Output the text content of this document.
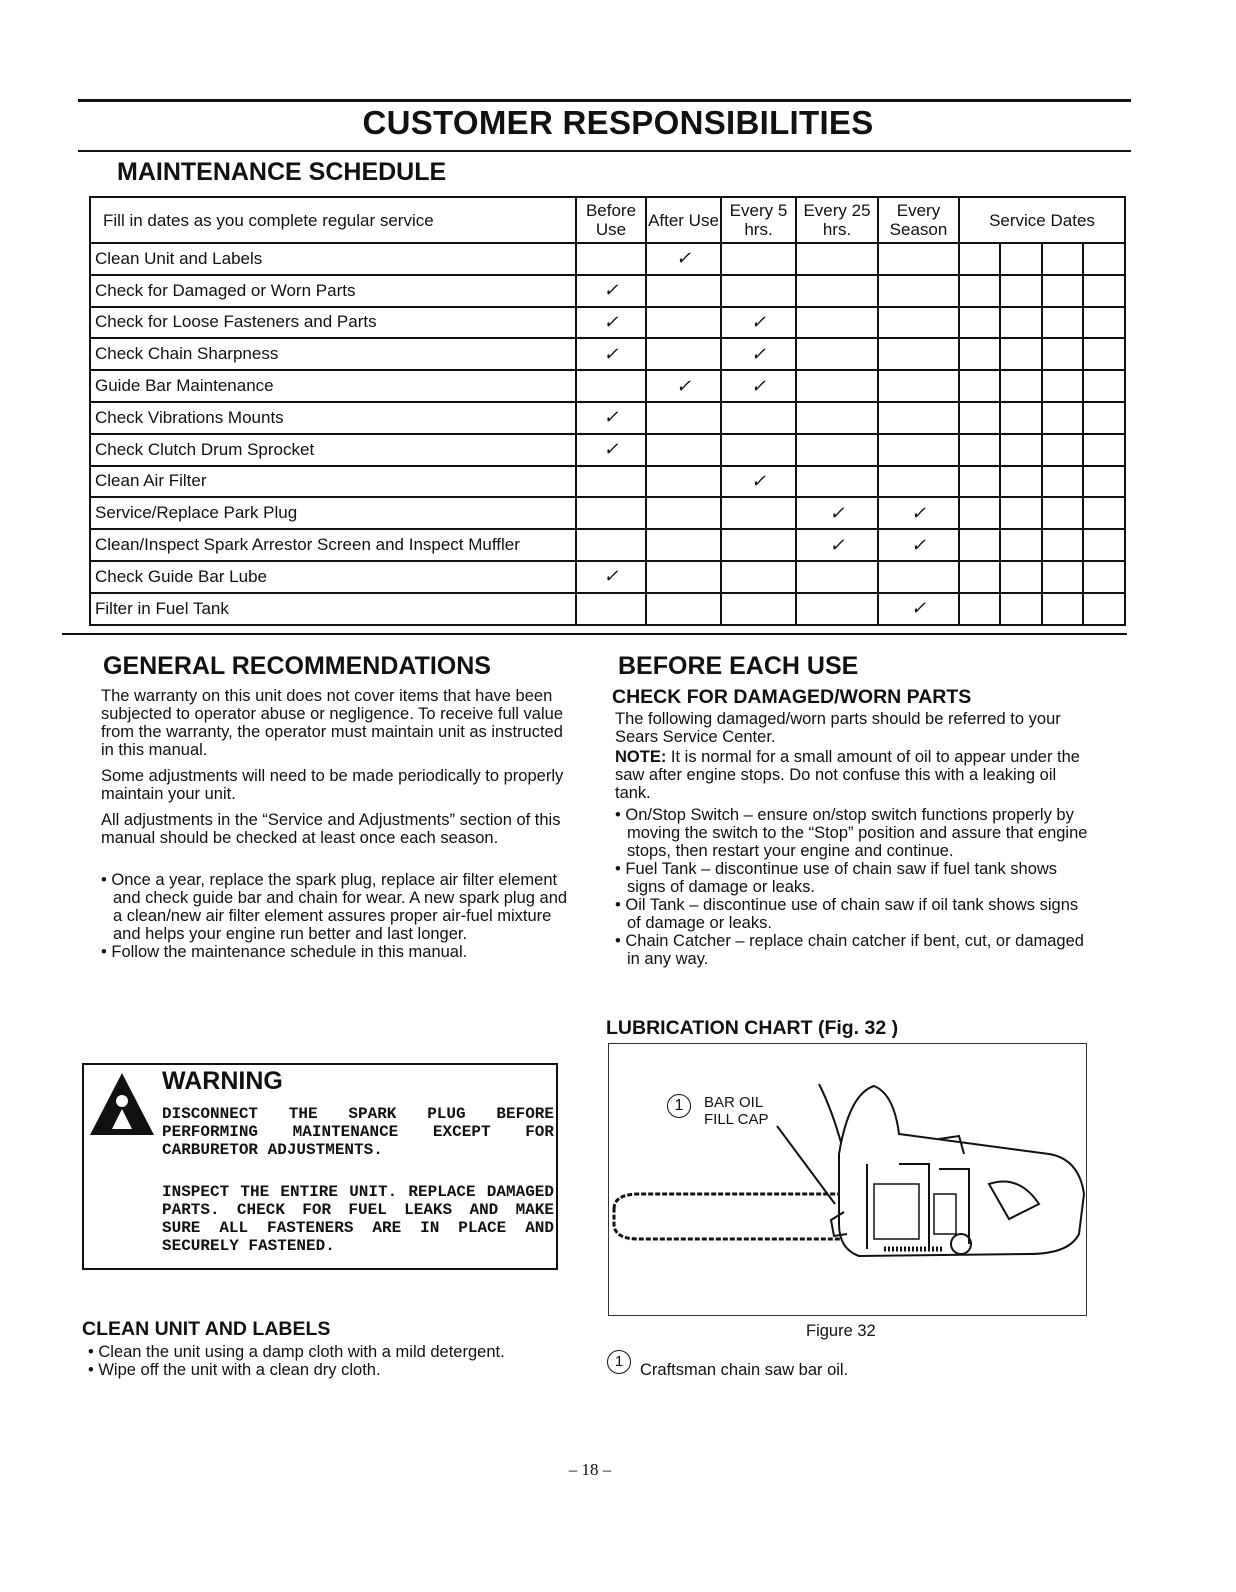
CUSTOMER RESPONSIBILITIES
MAINTENANCE SCHEDULE
Fill in dates as you complete regular service	Before Use	After Use	Every 5 hrs.	Every 25 hrs.	Every Season	Service Dates			
Clean Unit and Labels		✓							
Check for Damaged or Worn Parts	✓								
Check for Loose Fasteners and Parts	✓		✓						
Check Chain Sharpness	✓		✓						
Guide Bar Maintenance		✓	✓						
Check Vibrations Mounts	✓								
Check Clutch Drum Sprocket	✓								
Clean Air Filter			✓						
Service/Replace Park Plug				✓	✓				
Clean/Inspect Spark Arrestor Screen and Inspect Muffler				✓	✓				
Check Guide Bar Lube	✓								
Filter in Fuel Tank					✓				
GENERAL RECOMMENDATIONS

The warranty on this unit does not cover items that have been subjected to operator abuse or negligence. To receive full value from the warranty, the operator must maintain unit as instructed in this manual.

Some adjustments will need to be made periodically to properly maintain your unit.

All adjustments in the “Service and Adjustments” section of this manual should be checked at least once each season.

• Once a year, replace the spark plug, replace air filter element and check guide bar and chain for wear. A new spark plug and a clean/new air filter element assures proper air-fuel mixture and helps your engine run better and last longer.
• Follow the maintenance schedule in this manual.
WARNING
DISCONNECT THE SPARK PLUG BEFORE PERFORMING MAINTENANCE EXCEPT FOR CARBURETOR ADJUSTMENTS.
INSPECT THE ENTIRE UNIT. REPLACE DAMAGED PARTS. CHECK FOR FUEL LEAKS AND MAKE SURE ALL FASTENERS ARE IN PLACE AND SECURELY FASTENED.
CLEAN UNIT AND LABELS
• Clean the unit using a damp cloth with a mild detergent.
• Wipe off the unit with a clean dry cloth.
BEFORE EACH USE
CHECK FOR DAMAGED/WORN PARTS

The following damaged/worn parts should be referred to your Sears Service Center.

NOTE: It is normal for a small amount of oil to appear under the saw after engine stops. Do not confuse this with a leaking oil tank.

• On/Stop Switch – ensure on/stop switch functions properly by moving the switch to the “Stop” position and assure that engine stops, then restart your engine and continue.
• Fuel Tank – discontinue use of chain saw if fuel tank shows signs of damage or leaks.
• Oil Tank – discontinue use of chain saw if oil tank shows signs of damage or leaks.
• Chain Catcher – replace chain catcher if bent, cut, or damaged in any way.
LUBRICATION CHART (Fig. 32 )
1	BAR OIL
FILL CAP
Figure 32
1	Craftsman chain saw bar oil.
– 18 –
